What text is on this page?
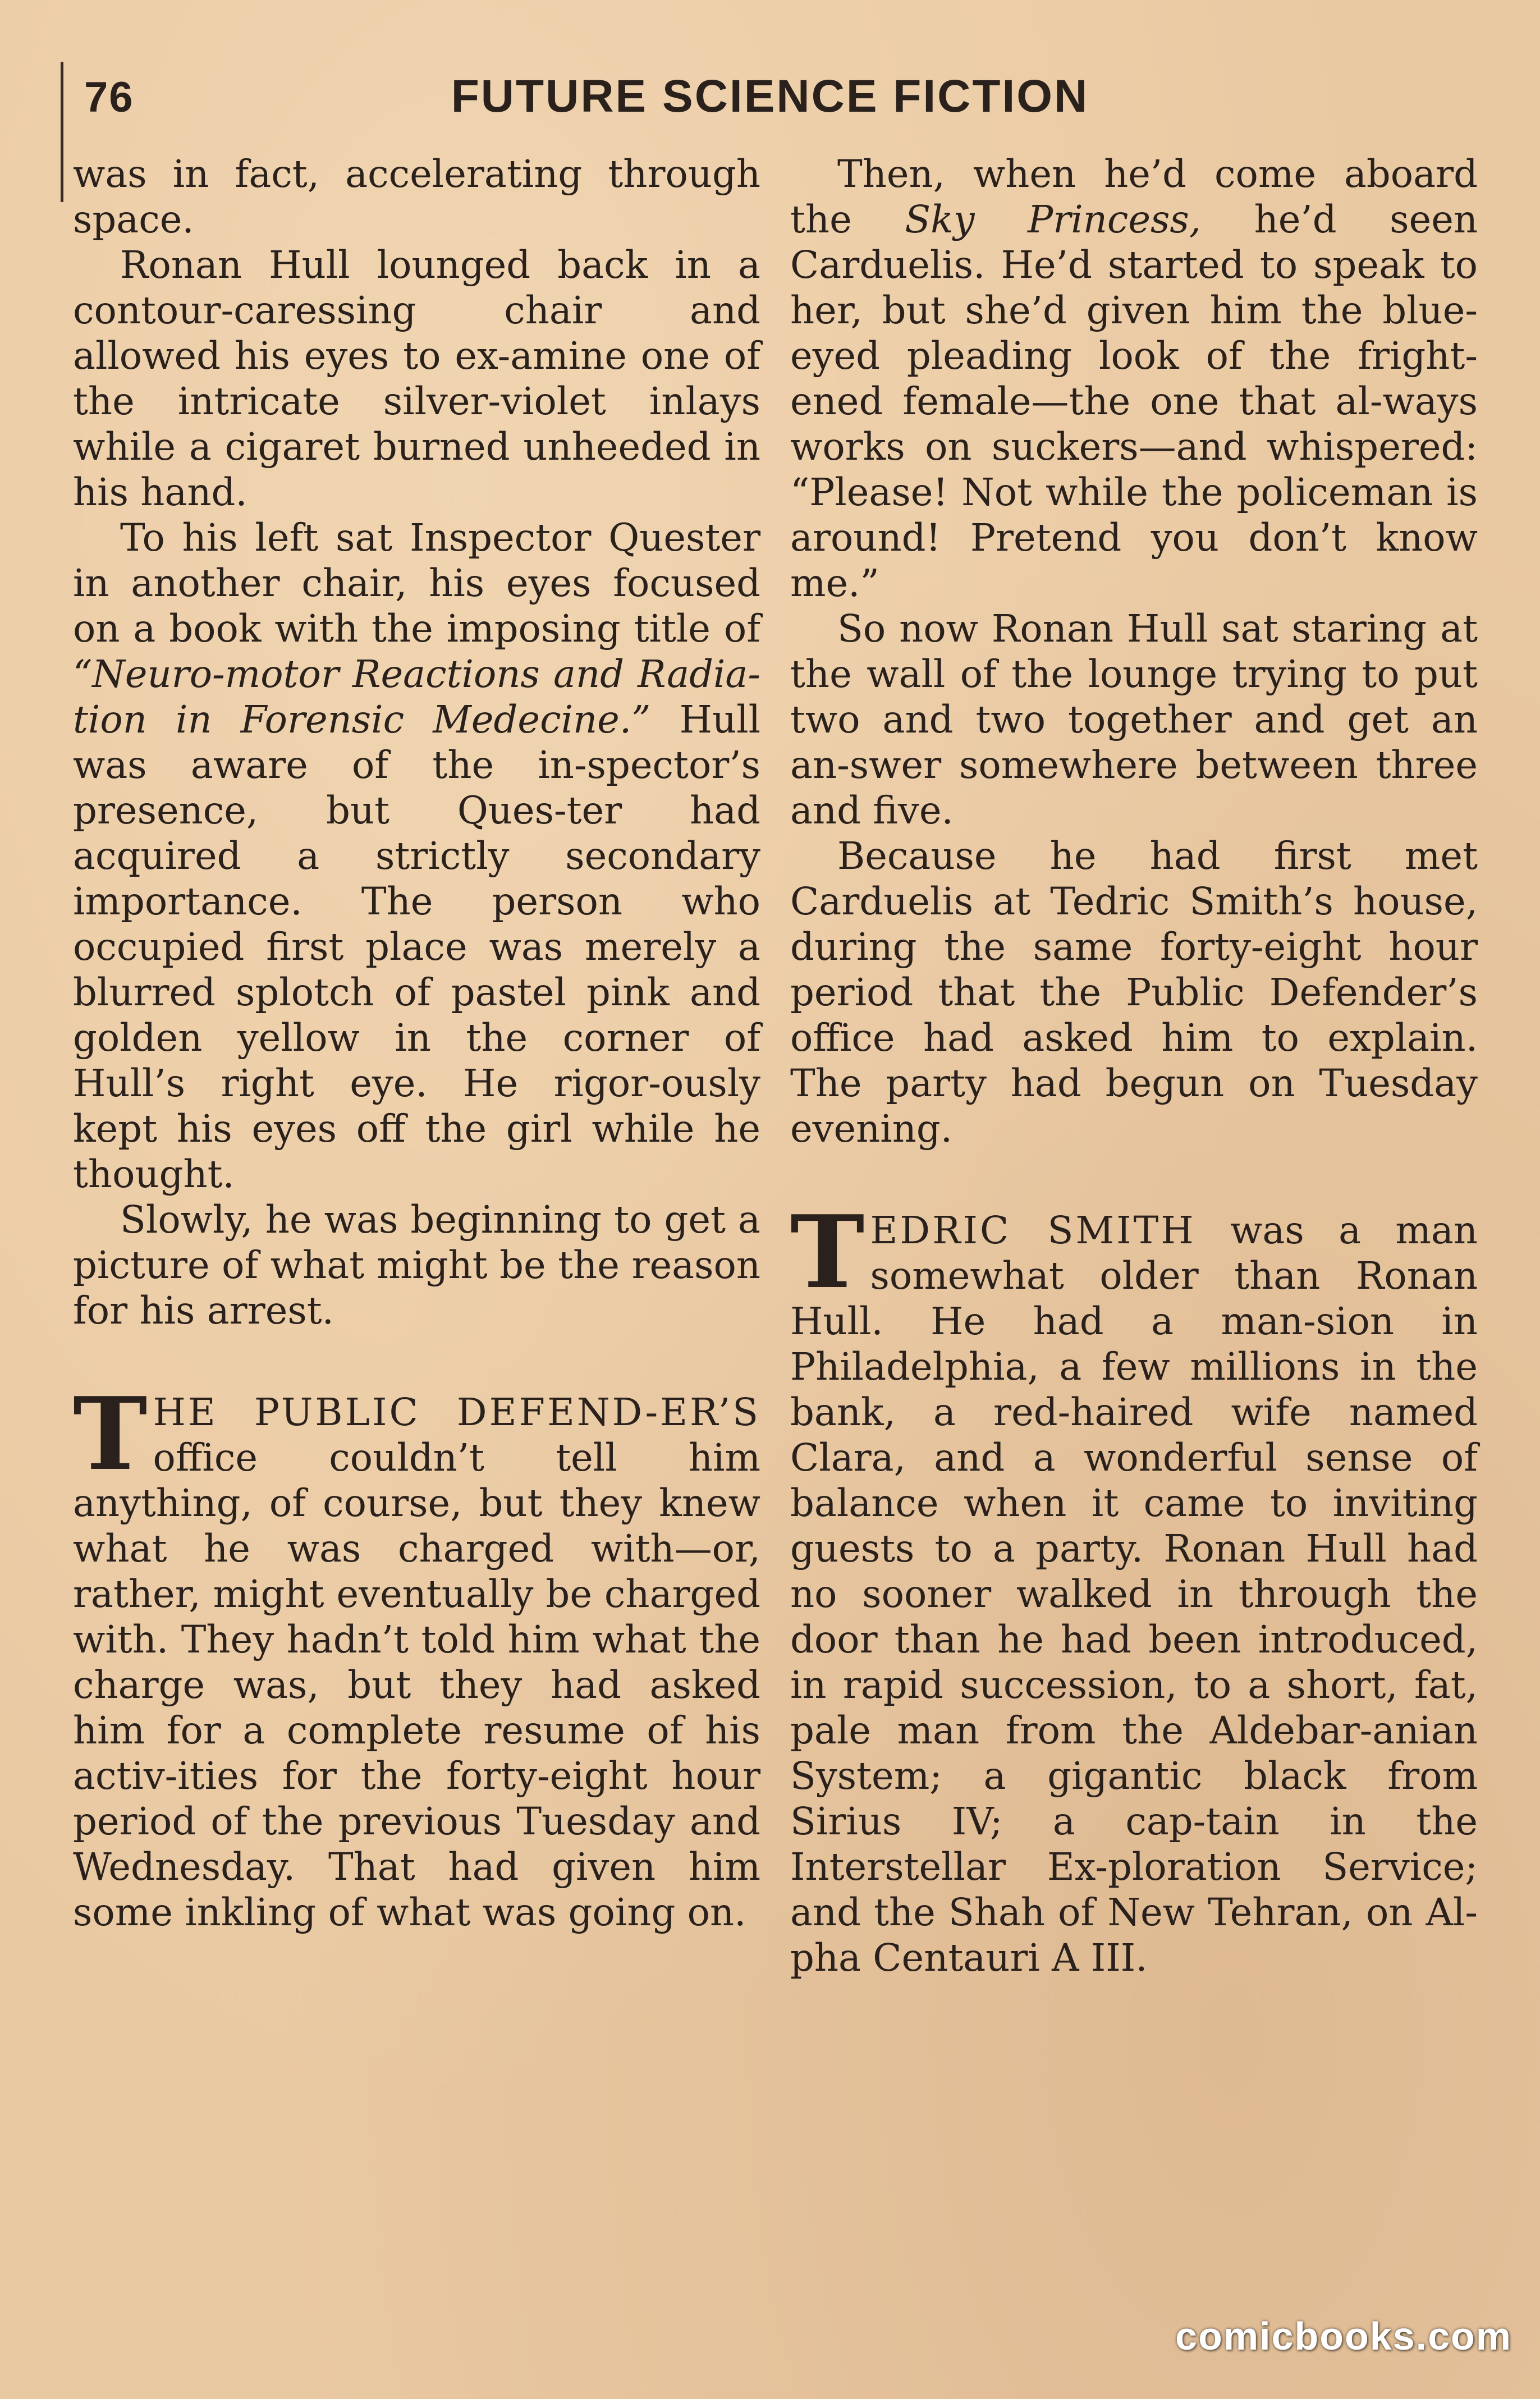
76	FUTURE SCIENCE FICTION

was in fact, accelerating through space.

Ronan Hull lounged back in a contour-caressing chair and allowed his eyes to ex-amine one of the intricate silver-violet inlays while a cigaret burned unheeded in his hand.

To his left sat Inspector Quester in another chair, his eyes focused on a book with the imposing title of “Neuro-motor Reactions and Radia-tion in Forensic Medecine.” Hull was aware of the in-spector’s presence, but Ques-ter had acquired a strictly secondary importance. The person who occupied first place was merely a blurred splotch of pastel pink and golden yellow in the corner of Hull’s right eye. He rigor-ously kept his eyes off the girl while he thought.

Slowly, he was beginning to get a picture of what might be the reason for his arrest.

THE PUBLIC DEFEND-ER’S office couldn’t tell him anything, of course, but they knew what he was charged with—or, rather, might eventually be charged with. They hadn’t told him what the charge was, but they had asked him for a complete resume of his activ-ities for the forty-eight hour period of the previous Tuesday and Wednesday. That had given him some inkling of what was going on.

Then, when he’d come aboard the Sky Princess, he’d seen Carduelis. He’d started to speak to her, but she’d given him the blue-eyed pleading look of the fright-ened female—the one that al-ways works on suckers—and whispered: “Please! Not while the policeman is around! Pretend you don’t know me.”

So now Ronan Hull sat staring at the wall of the lounge trying to put two and two together and get an an-swer somewhere between three and five.

Because he had first met Carduelis at Tedric Smith’s house, during the same forty-eight hour period that the Public Defender’s office had asked him to explain. The party had begun on Tuesday evening.

TEDRIC SMITH was a man somewhat older than Ronan Hull. He had a man-sion in Philadelphia, a few millions in the bank, a red-haired wife named Clara, and a wonderful sense of balance when it came to inviting guests to a party. Ronan Hull had no sooner walked in through the door than he had been introduced, in rapid succession, to a short, fat, pale man from the Aldebar-anian System; a gigantic black from Sirius IV; a cap-tain in the Interstellar Ex-ploration Service; and the Shah of New Tehran, on Al-pha Centauri A III.

comicbooks.com
